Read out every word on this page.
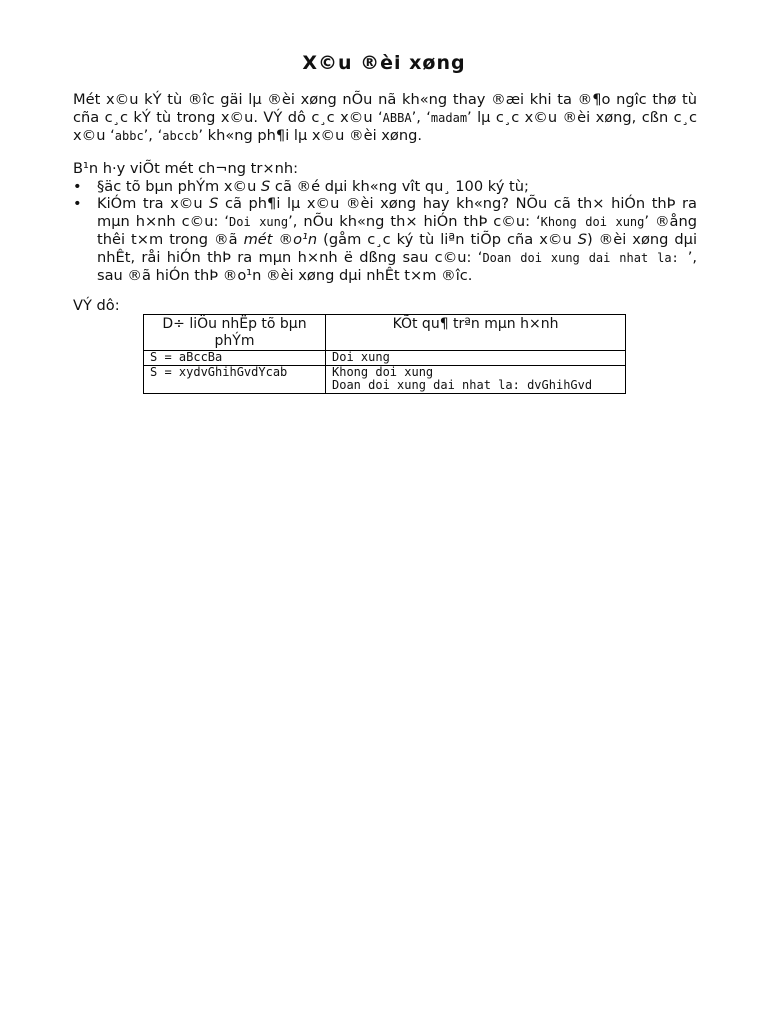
X©u ®èi xøng
Mét x©u kÝ tù ®îc gäi lµ ®èi xøng nÕu nã kh«ng thay ®æi khi ta ®¶o ngîc thø tù cña c¸c kÝ tù trong x©u. VÝ dô c¸c x©u ‘ABBA’, ‘madam’ lµ c¸c x©u ®èi xøng, cßn c¸c x©u ‘abbc’, ‘abccb’ kh«ng ph¶i lµ x©u ®èi xøng.
B¹n h·y viÕt mét ch¬ng tr×nh:
• §äc tõ bµn phÝm x©u S cã ®é dµi kh«ng vît qu¸ 100 ký tù;
• KiÓm tra x©u S cã ph¶i lµ x©u ®èi xøng hay kh«ng? NÕu cã th× hiÓn thÞ ra mµn h×nh c©u: ‘Doi xung’, nÕu kh«ng th× hiÓn thÞ c©u: ‘Khong doi xung’ ®ång thêi t×m trong ®ã mét ®o¹n (gåm c¸c ký tù liªn tiÕp cña x©u S) ®èi xøng dµi nhÊt, råi hiÓn thÞ ra mµn h×nh ë dßng sau c©u: ‘Doan doi xung dai nhat la: ’, sau ®ã hiÓn thÞ ®o¹n ®èi xøng dµi nhÊt t×m ®îc.
VÝ dô:
D÷ liÖu nhËp tõ bµn phÝm	KÕt qu¶ trªn mµn h×nh
S = aBccBa	Doi xung

S = xydvGhihGvdYcab	Khong doi xung
Doan doi xung dai nhat la: dvGhihGvd
